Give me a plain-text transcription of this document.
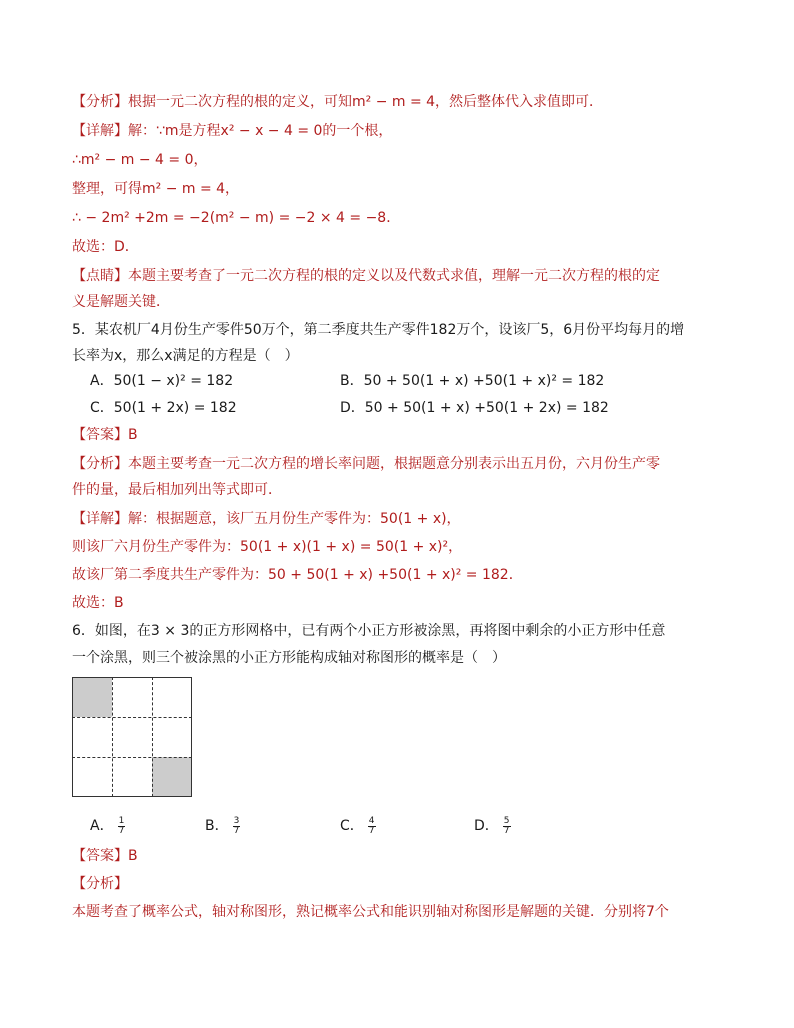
【分析】根据一元二次方程的根的定义，可知m² − m = 4，然后整体代入求值即可．
【详解】解：∵m是方程x² − x − 4 = 0的一个根，
∴m² − m − 4 = 0，
整理，可得m² − m = 4，
∴ − 2m² +2m = −2(m² − m) = −2 × 4 = −8．
故选：D．
【点睛】本题主要考查了一元二次方程的根的定义以及代数式求值，理解一元二次方程的根的定
义是解题关键．
5．某农机厂4月份生产零件50万个，第二季度共生产零件182万个，设该厂5，6月份平均每月的增
长率为x，那么x满足的方程是（　）
A．50(1 − x)² = 182	B．50 + 50(1 + x) +50(1 + x)² = 182
C．50(1 + 2x) = 182	D．50 + 50(1 + x) +50(1 + 2x) = 182
【答案】B
【分析】本题主要考查一元二次方程的增长率问题，根据题意分别表示出五月份，六月份生产零
件的量，最后相加列出等式即可．
【详解】解：根据题意，该厂五月份生产零件为：50(1 + x)，
则该厂六月份生产零件为：50(1 + x)(1 + x) = 50(1 + x)²，
故该厂第二季度共生产零件为：50 + 50(1 + x) +50(1 + x)² = 182．
故选：B
6．如图，在3 × 3的正方形网格中，已有两个小正方形被涂黑，再将图中剩余的小正方形中任意
一个涂黑，则三个被涂黑的小正方形能构成轴对称图形的概率是（　）
A． $\frac{1}{7}$	B． $\frac{3}{7}$	C． $\frac{4}{7}$	D． $\frac{5}{7}$
【答案】B
【分析】
本题考查了概率公式，轴对称图形，熟记概率公式和能识别轴对称图形是解题的关键．分别将7个
